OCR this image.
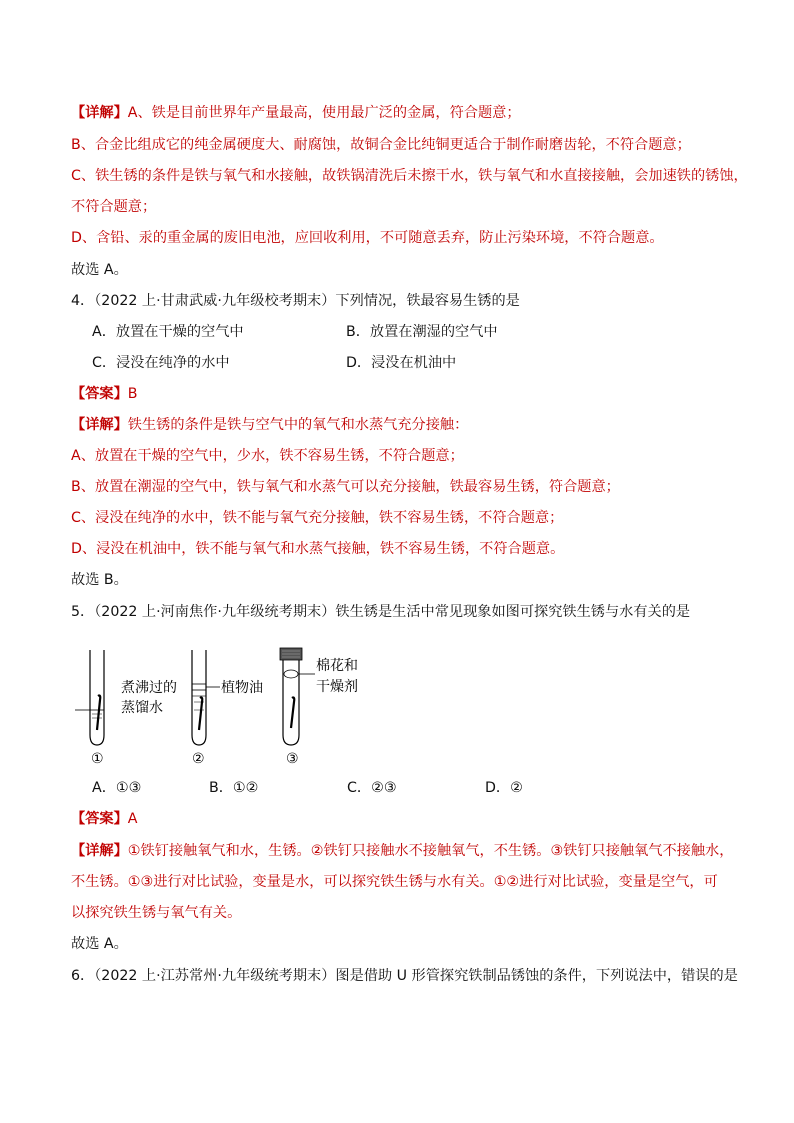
【详解】A、铁是目前世界年产量最高，使用最广泛的金属，符合题意；
B、合金比组成它的纯金属硬度大、耐腐蚀，故铜合金比纯铜更适合于制作耐磨齿轮，不符合题意；
C、铁生锈的条件是铁与氧气和水接触，故铁锅清洗后未擦干水，铁与氧气和水直接接触，会加速铁的锈蚀，
不符合题意；
D、含铅、汞的重金属的废旧电池，应回收利用，不可随意丢弃，防止污染环境，不符合题意。
故选 A。
4．（2022 上·甘肃武威·九年级校考期末）下列情况，铁最容易生锈的是
A．放置在干燥的空气中	B．放置在潮湿的空气中
C．浸没在纯净的水中	D．浸没在机油中
【答案】B
【详解】铁生锈的条件是铁与空气中的氧气和水蒸气充分接触：
A、放置在干燥的空气中，少水，铁不容易生锈，不符合题意；
B、放置在潮湿的空气中，铁与氧气和水蒸气可以充分接触，铁最容易生锈，符合题意；
C、浸没在纯净的水中，铁不能与氧气充分接触，铁不容易生锈，不符合题意；
D、浸没在机油中，铁不能与氧气和水蒸气接触，铁不容易生锈，不符合题意。
故选 B。
5．（2022 上·河南焦作·九年级统考期末）铁生锈是生活中常见现象如图可探究铁生锈与水有关的是
煮沸过的
蒸馏水
①
植物油
②
棉花和
干燥剂
③
A．①③	B．①②	C．②③	D．②
【答案】A
【详解】①铁钉接触氧气和水，生锈。②铁钉只接触水不接触氧气，不生锈。③铁钉只接触氧气不接触水，
不生锈。①③进行对比试验，变量是水，可以探究铁生锈与水有关。①②进行对比试验，变量是空气，可
以探究铁生锈与氧气有关。
故选 A。
6．（2022 上·江苏常州·九年级统考期末）图是借助 U 形管探究铁制品锈蚀的条件，下列说法中，错误的是
